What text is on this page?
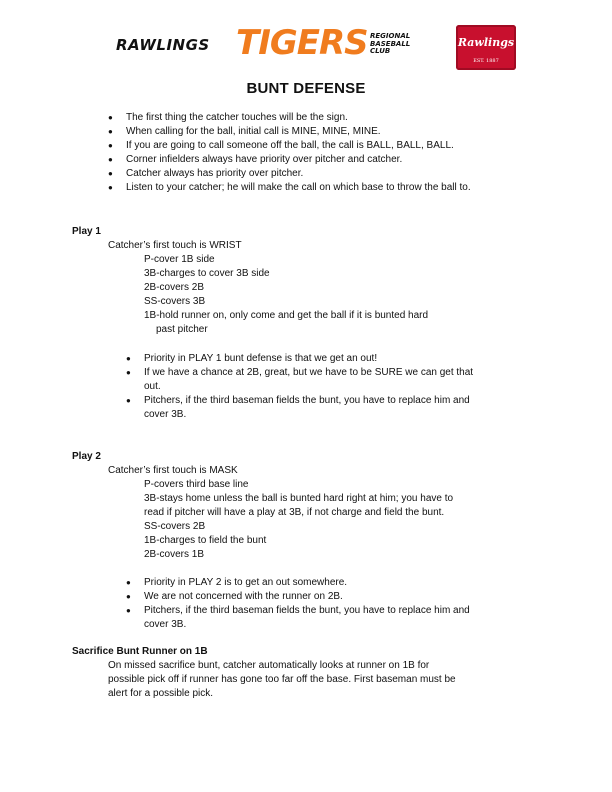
RAWLINGS TIGERS REGIONAL
BASEBALL
CLUB
Rawlings
EST. 1887
BUNT DEFENSE
● The first thing the catcher touches will be the sign.
● When calling for the ball, initial call is MINE, MINE, MINE.
● If you are going to call someone off the ball, the call is BALL, BALL, BALL.
● Corner infielders always have priority over pitcher and catcher.
● Catcher always has priority over pitcher.
● Listen to your catcher; he will make the call on which base to throw the ball to.
Play 1
Catcher’s first touch is WRIST
P-cover 1B side
3B-charges to cover 3B side
2B-covers 2B
SS-covers 3B
1B-hold runner on, only come and get the ball if it is bunted hard
past pitcher
● Priority in PLAY 1 bunt defense is that we get an out!
● If we have a chance at 2B, great, but we have to be SURE we can get that
out.
● Pitchers, if the third baseman fields the bunt, you have to replace him and
cover 3B.
Play 2
Catcher’s first touch is MASK
P-covers third base line
3B-stays home unless the ball is bunted hard right at him; you have to
read if pitcher will have a play at 3B, if not charge and field the bunt.
SS-covers 2B
1B-charges to field the bunt
2B-covers 1B
● Priority in PLAY 2 is to get an out somewhere.
● We are not concerned with the runner on 2B.
● Pitchers, if the third baseman fields the bunt, you have to replace him and
cover 3B.
Sacrifice Bunt Runner on 1B
On missed sacrifice bunt, catcher automatically looks at runner on 1B for
possible pick off if runner has gone too far off the base. First baseman must be
alert for a possible pick.
